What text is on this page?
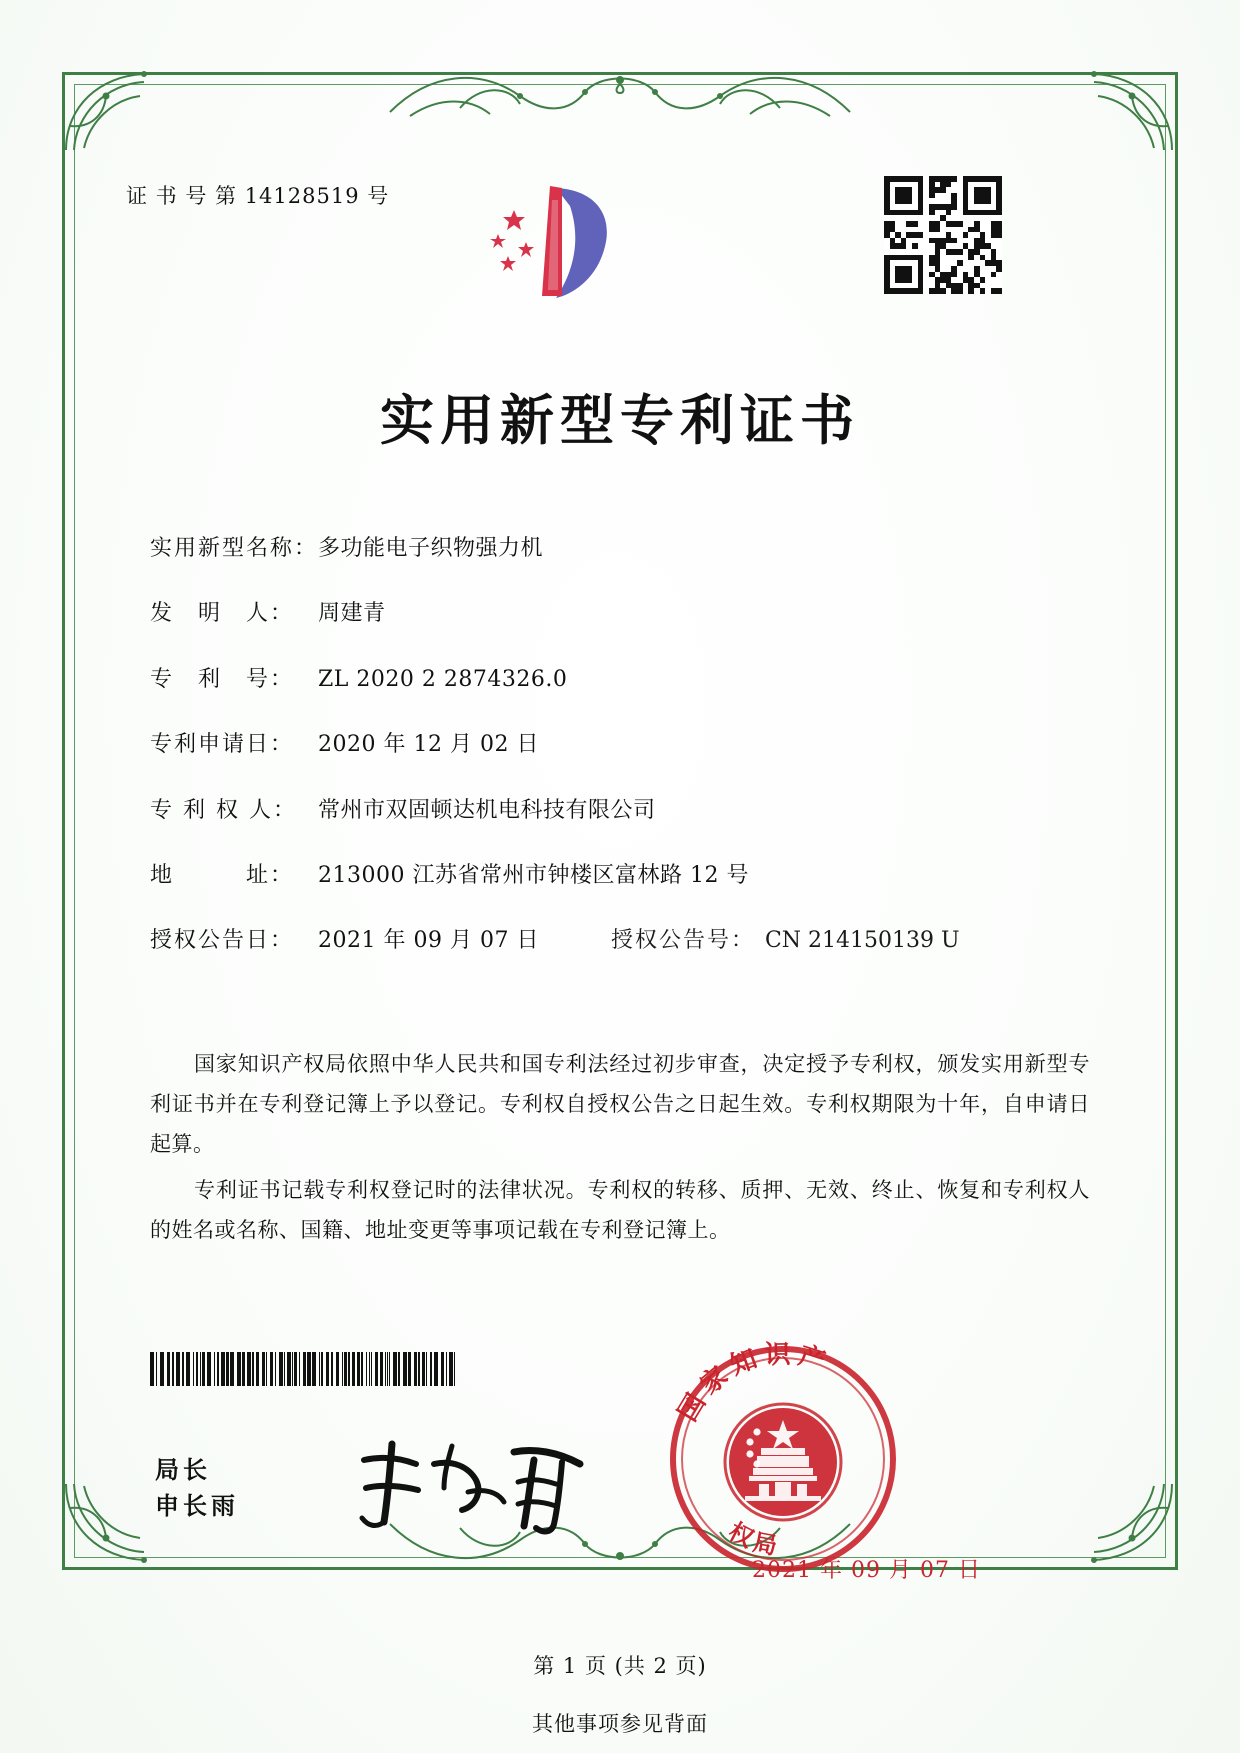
证 书 号 第 14128519 号
实用新型专利证书
实用新型名称： 多功能电子织物强力机
发　明　人：	周建青
专　利　号：	ZL 2020 2 2874326.0
专利申请日：	2020 年 12 月 02 日
专 利 权 人： 常州市双固顿达机电科技有限公司
地　　　址：	213000 江苏省常州市钟楼区富林路 12 号
授权公告日：	2021 年 09 月 07 日	授权公告号： CN 214150139 U

国家知识产权局依照中华人民共和国专利法经过初步审查，决定授予专利权，颁发实用新型专利证书并在专利登记簿上予以登记。专利权自授权公告之日起生效。专利权期限为十年，自申请日起算。

专利证书记载专利权登记时的法律状况。专利权的转移、质押、无效、终止、恢复和专利权人的姓名或名称、国籍、地址变更等事项记载在专利登记簿上。

局长
申长雨
国家知识产
权局
2021 年 09 月 07 日
第 1 页 (共 2 页)
其他事项参见背面
